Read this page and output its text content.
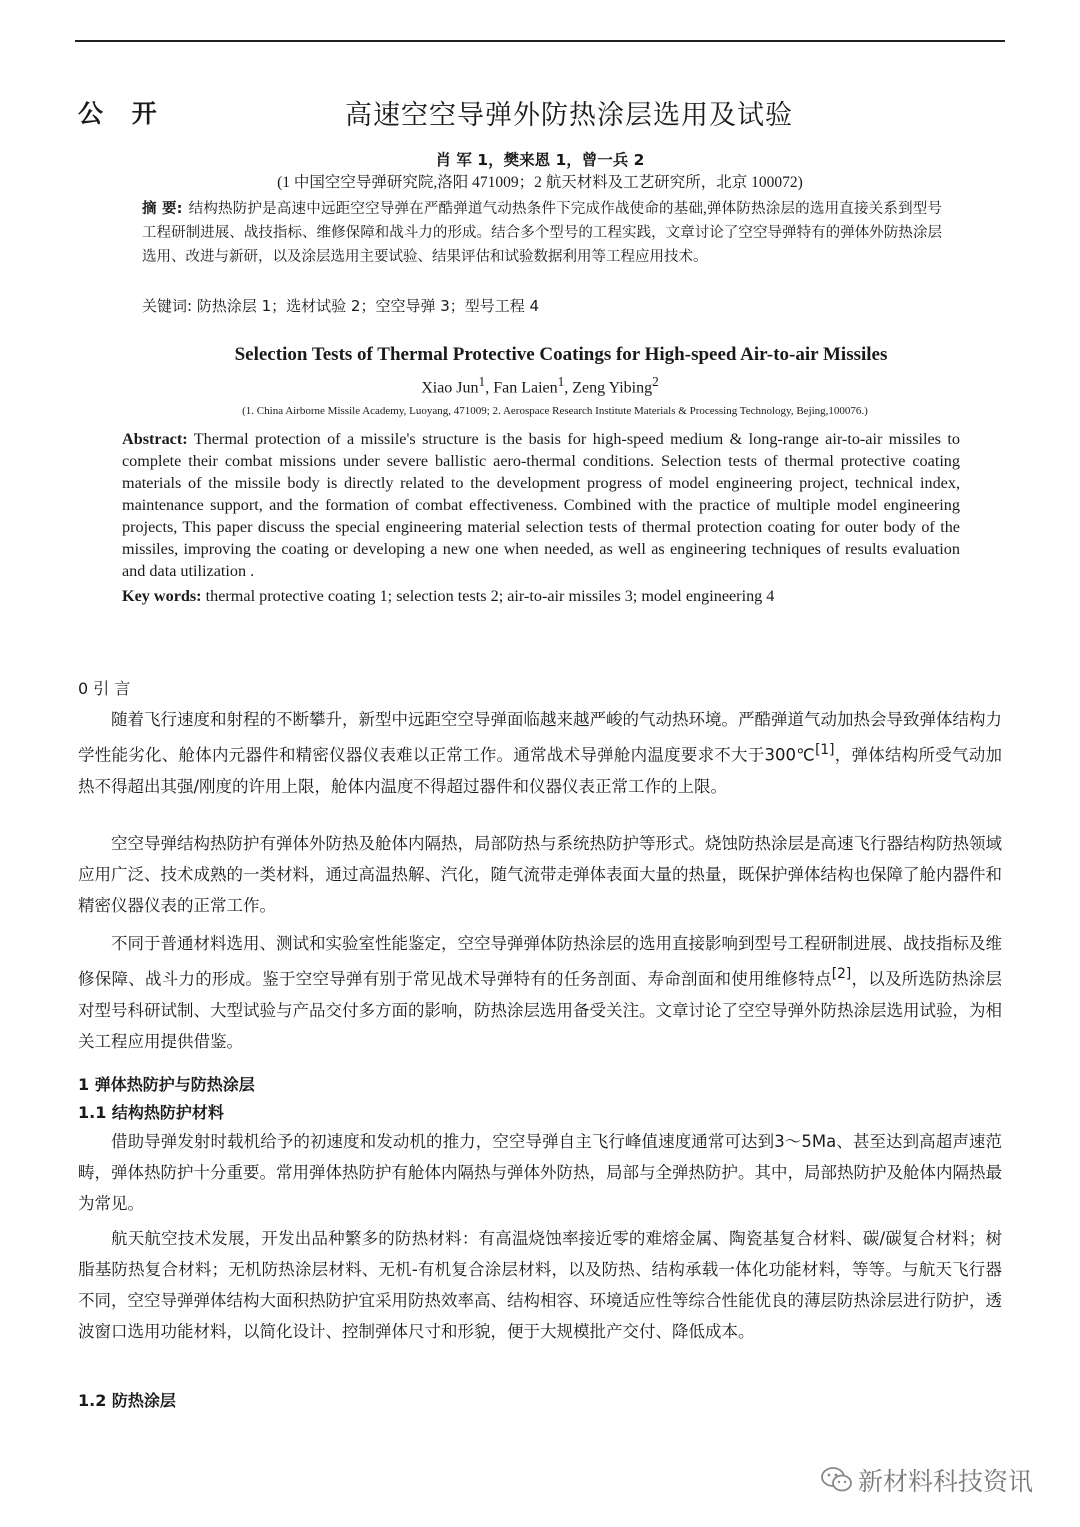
公 开	高速空空导弹外防热涂层选用及试验
肖 军 1，樊来恩 1，曾一兵 2
(1 中国空空导弹研究院,洛阳 471009；2 航天材料及工艺研究所，北京 100072)
摘 要: 结构热防护是高速中远距空空导弹在严酷弹道气动热条件下完成作战使命的基础,弹体防热涂层的选用直接关系到型号工程研制进展、战技指标、维修保障和战斗力的形成。结合多个型号的工程实践，文章讨论了空空导弹特有的弹体外防热涂层选用、改进与新研，以及涂层选用主要试验、结果评估和试验数据利用等工程应用技术。
关键词: 防热涂层 1；选材试验 2；空空导弹 3；型号工程 4
Selection Tests of Thermal Protective Coatings for High-speed Air-to-air Missiles
Xiao Jun$^1$, Fan Laien$^1$, Zeng Yibing$^2$
(1. China Airborne Missile Academy, Luoyang, 471009; 2. Aerospace Research Institute Materials & Processing Technology, Bejing,100076.)
Abstract: Thermal protection of a missile's structure is the basis for high-speed medium & long-range air-to-air missiles to complete their combat missions under severe ballistic aero-thermal conditions. Selection tests of thermal protective coating materials of the missile body is directly related to the development progress of model engineering project, technical index, maintenance support, and the formation of combat effectiveness. Combined with the practice of multiple model engineering projects, This paper discuss the special engineering material selection tests of thermal protection coating for outer body of the missiles, improving the coating or developing a new one when needed, as well as engineering techniques of results evaluation and data utilization .
Key words: thermal protective coating 1; selection tests 2; air-to-air missiles 3; model engineering 4
0 引 言

随着飞行速度和射程的不断攀升，新型中远距空空导弹面临越来越严峻的气动热环境。严酷弹道气动加热会导致弹体结构力学性能劣化、舱体内元器件和精密仪器仪表难以正常工作。通常战术导弹舱内温度要求不大于300℃[1]，弹体结构所受气动加热不得超出其强/刚度的许用上限，舱体内温度不得超过器件和仪器仪表正常工作的上限。

空空导弹结构热防护有弹体外防热及舱体内隔热，局部防热与系统热防护等形式。烧蚀防热涂层是高速飞行器结构防热领域应用广泛、技术成熟的一类材料，通过高温热解、汽化，随气流带走弹体表面大量的热量，既保护弹体结构也保障了舱内器件和精密仪器仪表的正常工作。

不同于普通材料选用、测试和实验室性能鉴定，空空导弹弹体防热涂层的选用直接影响到型号工程研制进展、战技指标及维修保障、战斗力的形成。鉴于空空导弹有别于常见战术导弹特有的任务剖面、寿命剖面和使用维修特点[2]，以及所选防热涂层对型号科研试制、大型试验与产品交付多方面的影响，防热涂层选用备受关注。文章讨论了空空导弹外防热涂层选用试验，为相关工程应用提供借鉴。

1 弹体热防护与防热涂层
1.1 结构热防护材料

借助导弹发射时载机给予的初速度和发动机的推力，空空导弹自主飞行峰值速度通常可达到3～5Ma、甚至达到高超声速范畴，弹体热防护十分重要。常用弹体热防护有舱体内隔热与弹体外防热，局部与全弹热防护。其中，局部热防护及舱体内隔热最为常见。

航天航空技术发展，开发出品种繁多的防热材料：有高温烧蚀率接近零的难熔金属、陶瓷基复合材料、碳/碳复合材料；树脂基防热复合材料；无机防热涂层材料、无机-有机复合涂层材料，以及防热、结构承载一体化功能材料，等等。与航天飞行器不同，空空导弹弹体结构大面积热防护宜采用防热效率高、结构相容、环境适应性等综合性能优良的薄层防热涂层进行防护，透波窗口选用功能材料，以简化设计、控制弹体尺寸和形貌，便于大规模批产交付、降低成本。

1.2 防热涂层
新材料科技资讯
